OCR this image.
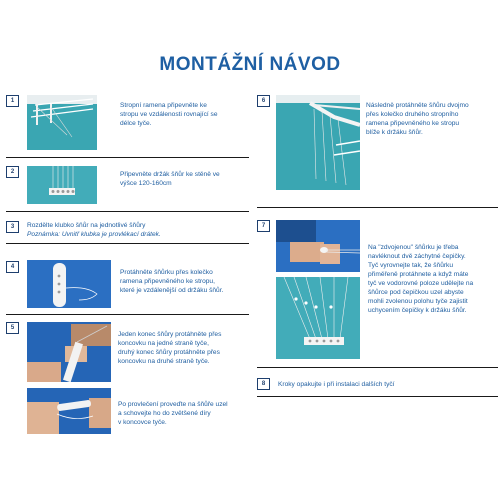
MONTÁŽNÍ NÁVOD
1
Stropní ramena připevněte ke
stropu ve vzdálenosti rovnající se
délce tyče.
2	Připevněte držák šňůr ke stěně ve
výšce 120-160cm
3	Rozdělte klubko šňůr na jednotlivé šňůry
Poznámka: Uvnitř klubka je provlékací drátek.
4
Protáhněte šňůrku přes kolečko
ramena připevněného ke stropu,
které je vzdálenější od držáku šňůr.
5
Jeden konec šňůry protáhněte přes
koncovku na jedné straně tyče,
druhý konec šňůry protáhněte přes
koncovku na druhé straně tyče.
Po provlečení proveďte na šňůře uzel
a schovejte ho do zvětšené díry
v koncovce tyče.
6
Následně protáhněte šňůru dvojmo
přes kolečko druhého stropního
ramena připevněného ke stropu
blíže k držáku šňůr.
7
Na "zdvojenou" šňůrku je třeba
navléknout dvě záchytné čepičky.
Tyč vyrovnejte tak, že šňůrku
přiměřeně protáhnete a když máte
tyč ve vodorovné poloze udělejte na
šňůrce pod čepičkou uzel abyste
mohli zvolenou polohu tyče zajistit
uchycením čepičky k držáku šňůr.
8	Kroky opakujte i při instalaci dalších tyčí
